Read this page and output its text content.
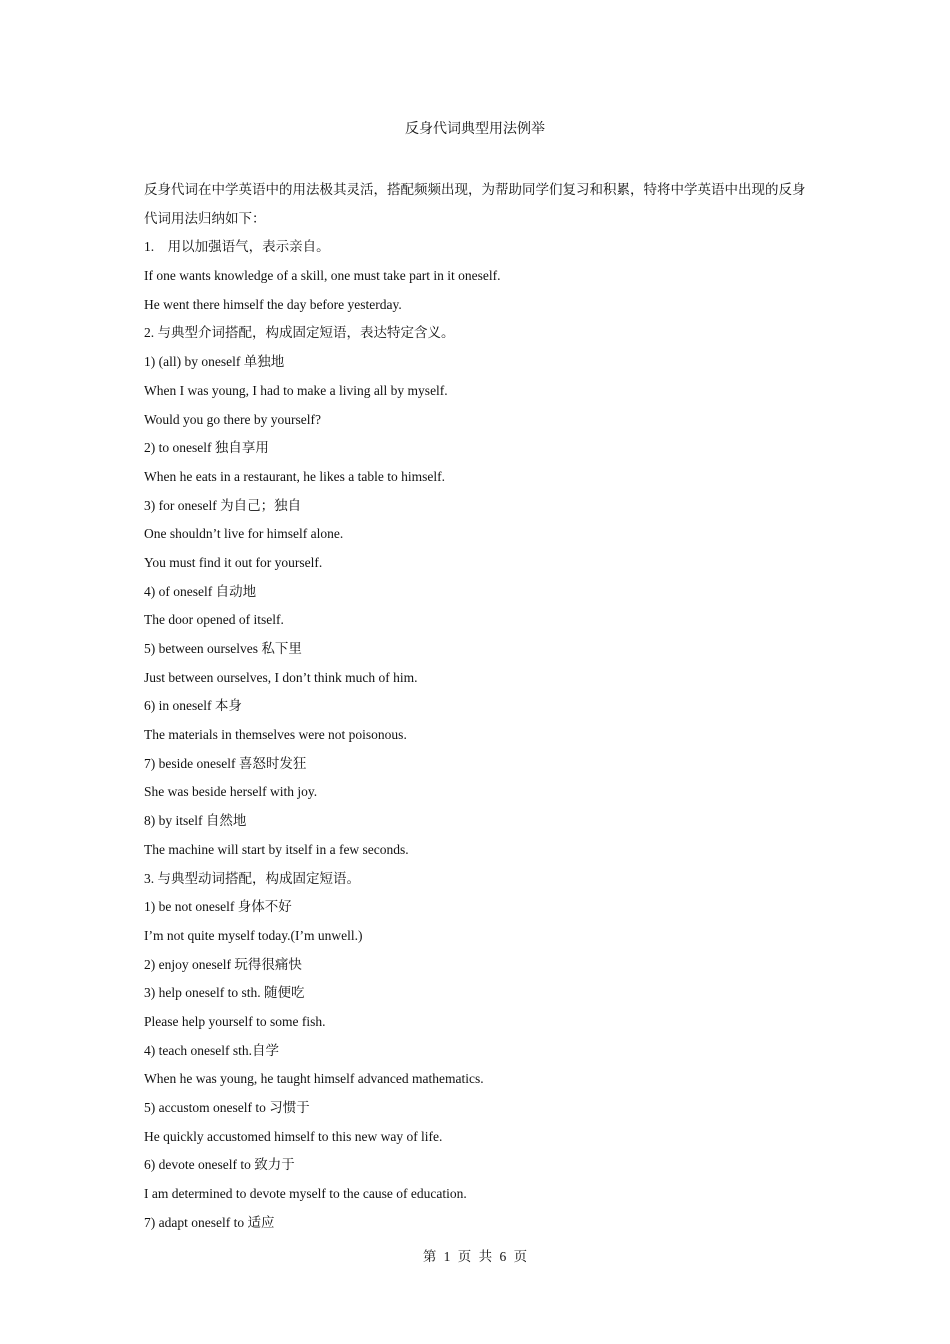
反身代词典型用法例举
反身代词在中学英语中的用法极其灵活，搭配频频出现，为帮助同学们复习和积累，特将中学英语中出现的反身代词用法归纳如下：
1.　用以加强语气，表示亲自。
If one wants knowledge of a skill, one must take part in it oneself.
He went there himself the day before yesterday.
2. 与典型介词搭配，构成固定短语，表达特定含义。
1) (all) by oneself 单独地
When I was young, I had to make a living all by myself.
Would you go there by yourself?
2) to oneself 独自享用
When he eats in a restaurant, he likes a table to himself.
3) for oneself 为自己；独自
One shouldn’t live for himself alone.
You must find it out for yourself.
4) of oneself 自动地
The door opened of itself.
5) between ourselves 私下里
Just between ourselves, I don’t think much of him.
6) in oneself 本身
The materials in themselves were not poisonous.
7) beside oneself 喜怒时发狂
She was beside herself with joy.
8) by itself 自然地
The machine will start by itself in a few seconds.
3. 与典型动词搭配，构成固定短语。
1) be not oneself 身体不好
I’m not quite myself today.(I’m unwell.)
2) enjoy oneself 玩得很痛快
3) help oneself to sth. 随便吃
Please help yourself to some fish.
4) teach oneself sth.自学
When he was young, he taught himself advanced mathematics.
5) accustom oneself to 习惯于
He quickly accustomed himself to this new way of life.
6) devote oneself to 致力于
I am determined to devote myself to the cause of education.
7) adapt oneself to 适应
第 1 页 共 6 页
